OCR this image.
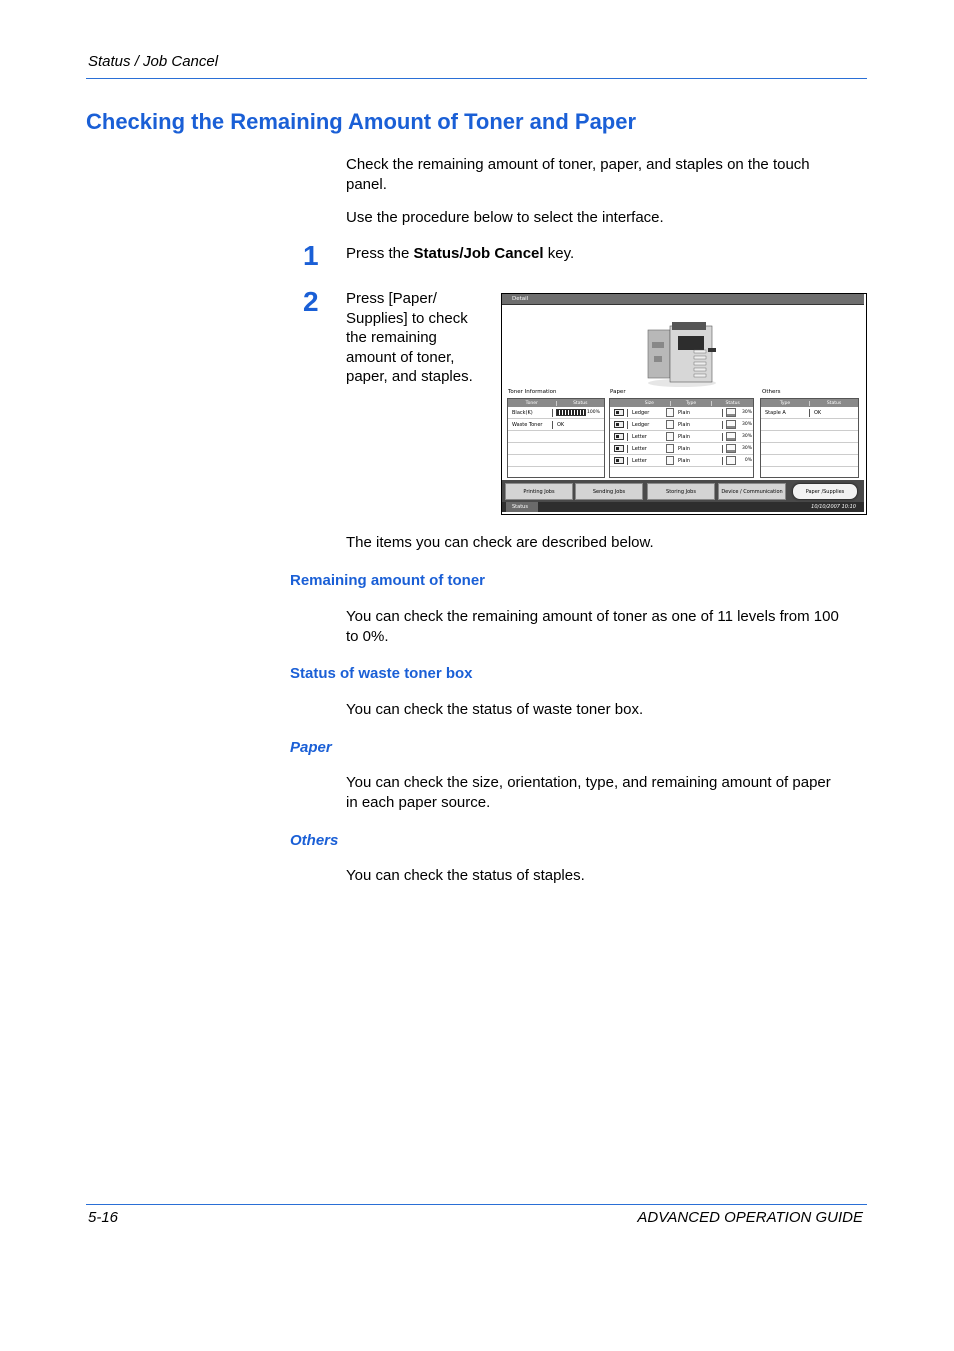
Status / Job Cancel
Checking the Remaining Amount of Toner and Paper
Check the remaining amount of toner, paper, and staples on the touch
panel.
Use the procedure below to select the interface.
1 Press the Status/Job Cancel key.
2 Press [Paper/
Supplies] to check
the remaining
amount of toner,
paper, and staples.
Detail
Toner Information
Toner	Status
Black(K)	100%
Waste Toner	OK
Paper
Size	Type	Status
Ledger	Plain	30%
Ledger	Plain	30%
Letter	Plain	30%
Letter	Plain	30%
Letter	Plain	0%
Others
Type	Status
Staple A	OK
Printing Jobs	Sending Jobs	Storing Jobs	Device / Communication	Paper /Supplies
Status	10/10/2007 10:10
The items you can check are described below.
Remaining amount of toner
You can check the remaining amount of toner as one of 11 levels from 100
to 0%.
Status of waste toner box
You can check the status of waste toner box.
Paper
You can check the size, orientation, type, and remaining amount of paper
in each paper source.
Others
You can check the status of staples.
5-16	ADVANCED OPERATION GUIDE
